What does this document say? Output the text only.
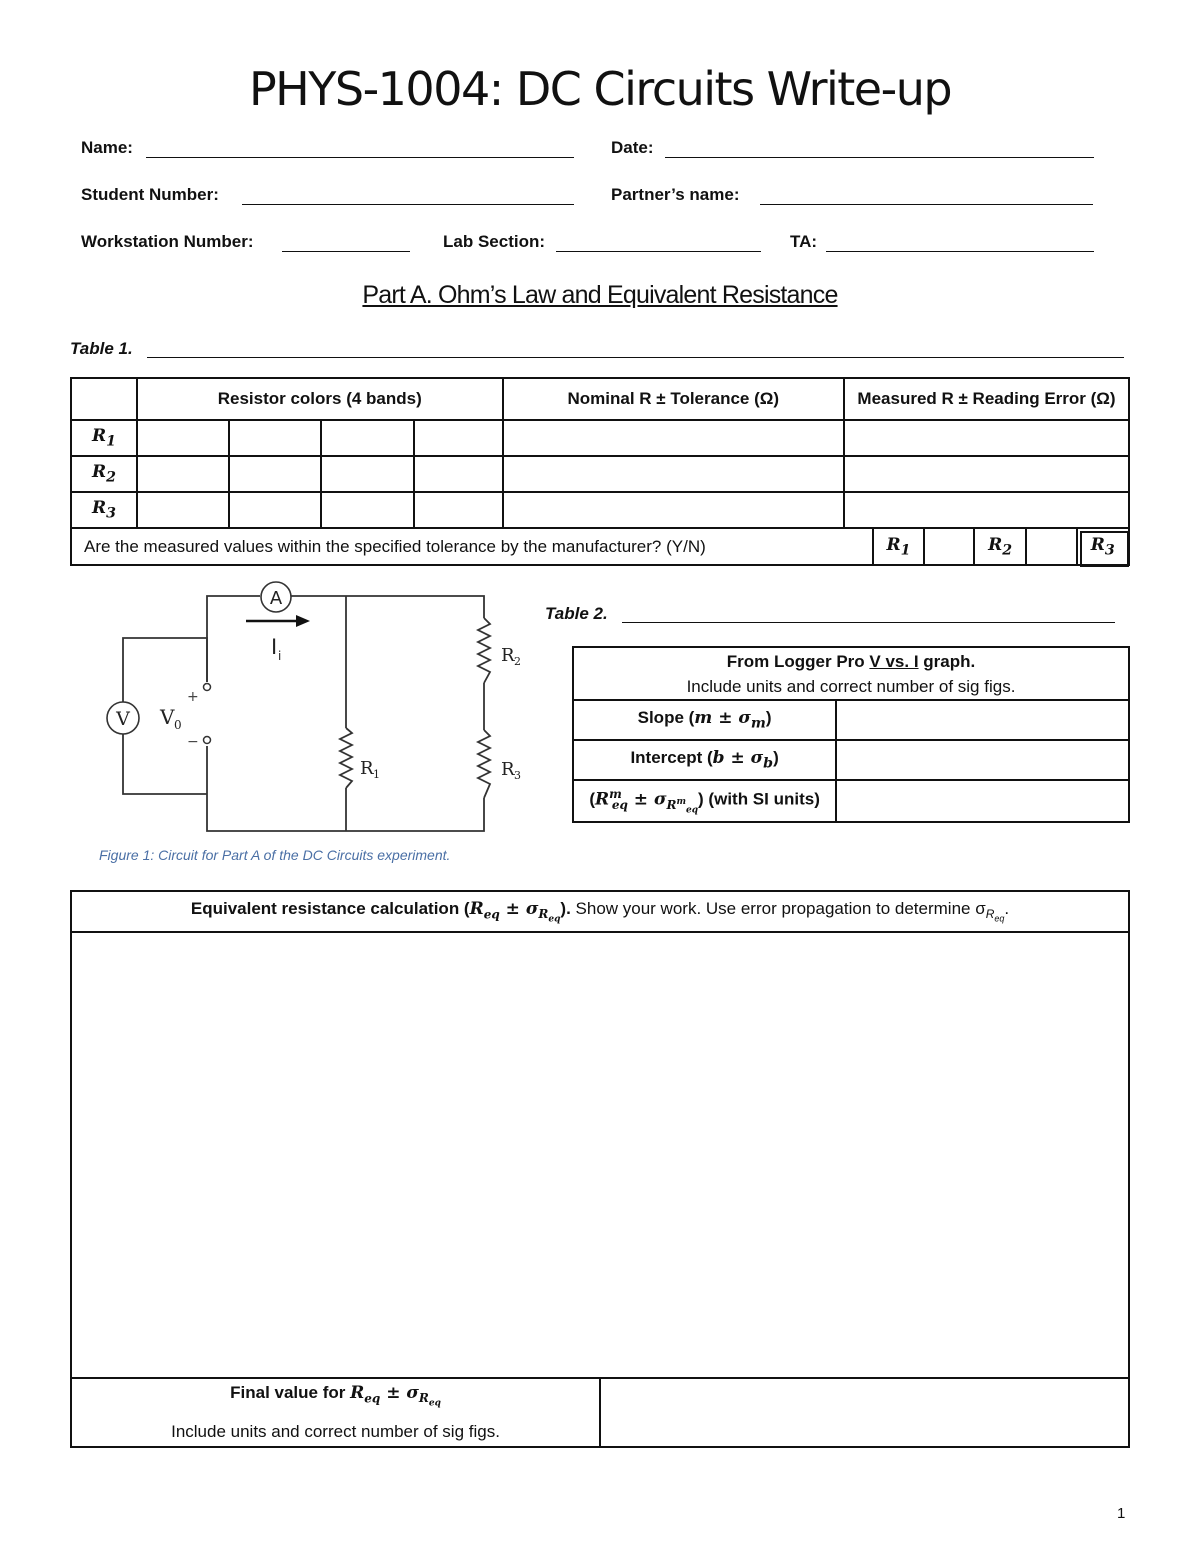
PHYS-1004: DC Circuits Write-up
Name:	Date:
Student Number:	Partner’s name:
Workstation Number:	Lab Section:	TA:
Part A. Ohm’s Law and Equivalent Resistance
Table 1.
	Resistor colors (4 bands)				Nominal R ± Tolerance (Ω)	Measured R ± Reading Error (Ω)					
$R_1$						
$R_2$						
$R_3$						
Are the measured values within the specified tolerance by the manufacturer? (Y/N)							$R_1$		$R_2$		$R_3$
A
V
I i
+
−
V 0
R 1
R 2
R 3
Figure 1: Circuit for Part A of the DC Circuits experiment.
Table 2.
From Logger Pro V vs. I graph.
Include units and correct number of sig figs.	
Slope $(m \pm \sigma_m)$	
Intercept $(b \pm \sigma_b)$	
$(R^m_{eq} \pm \sigma_{R^m_{eq}})$ (with SI units)	
Equivalent resistance calculation $(R_{eq} \pm \sigma_{R_{eq}})$. Show your work. Use error propagation to determine $\sigma_{R_{eq}}$.

Final value for $R_{eq} \pm \sigma_{R_{eq}}$
Include units and correct number of sig figs.	
1
